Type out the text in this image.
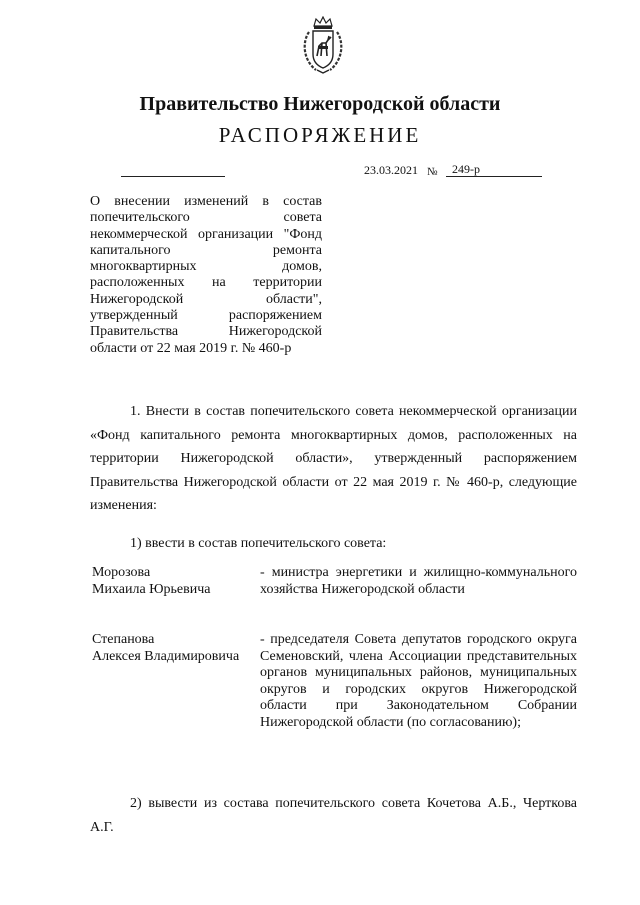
Правительство Нижегородской области
РАСПОРЯЖЕНИЕ
23.03.2021 №	249-р
О внесении изменений в состав попечительского совета некоммерческой организации "Фонд капитального ремонта многоквартирных домов, расположенных на территории Нижегородской области", утвержденный распоряжением Правительства Нижегородской области от 22 мая 2019 г. № 460-р

1. Внести в состав попечительского совета некоммерческой организации «Фонд капитального ремонта многоквартирных домов, расположенных на территории Нижегородской области», утвержденный распоряжением Правительства Нижегородской области от 22 мая 2019 г. № 460-р, следующие изменения:

1) ввести в состав попечительского совета:

Морозова
Михаила Юрьевича
- министра энергетики и жилищно-коммунального хозяйства Нижегородской области
Степанова
Алексея Владимировича
- председателя Совета депутатов городского округа Семеновский, члена Ассоциации представительных органов муниципальных районов, муниципальных округов и городских округов Нижегородской области при Законодательном Собрании Нижегородской области (по согласованию);

2) вывести из состава попечительского совета Кочетова А.Б., Черткова А.Г.
